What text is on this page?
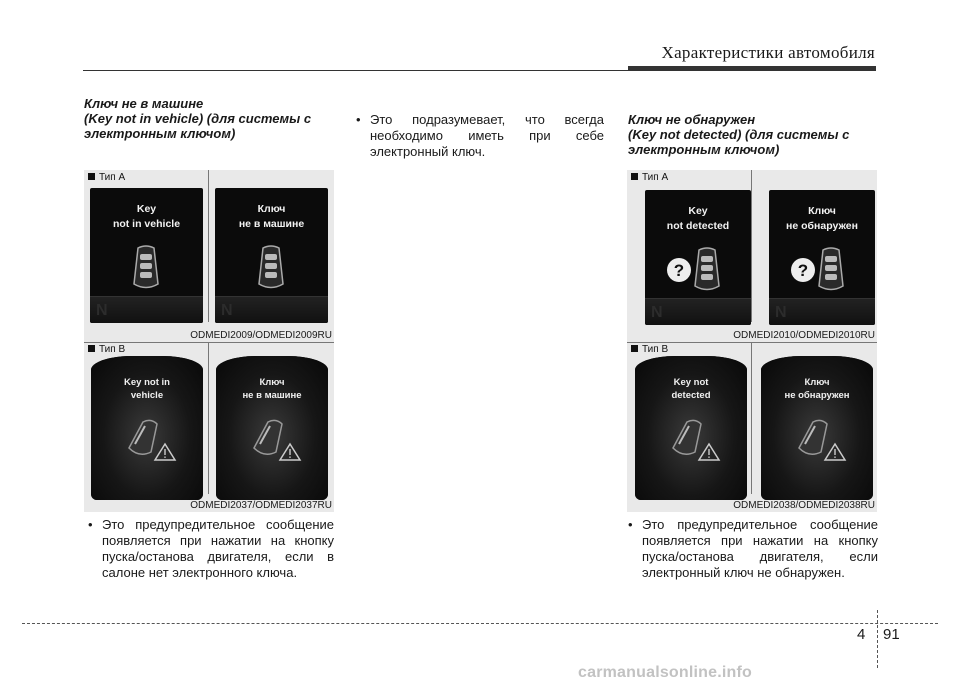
Характеристики автомобиля
Ключ не в машине
(Key not in vehicle) (для системы с
электронным ключом)
Тип A
Key
not in vehicle
N
Ключ
не в машине
N
ODMEDI2009/ODMEDI2009RU
Тип B
Key not in
vehicle
Ключ
не в машине
ODMEDI2037/ODMEDI2037RU
• Это предупредительное сообщение появляется при нажатии на кнопку пуска/останова двигателя, если в салоне нет электронного ключа.
• Это подразумевает, что всегда необходимо иметь при себе электронный ключ.
Ключ не обнаружен
(Key not detected) (для системы с
электронным ключом)
Тип A
Key
not detected
?
N
Ключ
не обнаружен
?
N
ODMEDI2010/ODMEDI2010RU
Тип B
Key not
detected
Ключ
не обнаружен
ODMEDI2038/ODMEDI2038RU
• Это предупредительное сообщение появляется при нажатии на кнопку пуска/останова двигателя, если электронный ключ не обнаружен.
4 91
carmanualsonline.info
